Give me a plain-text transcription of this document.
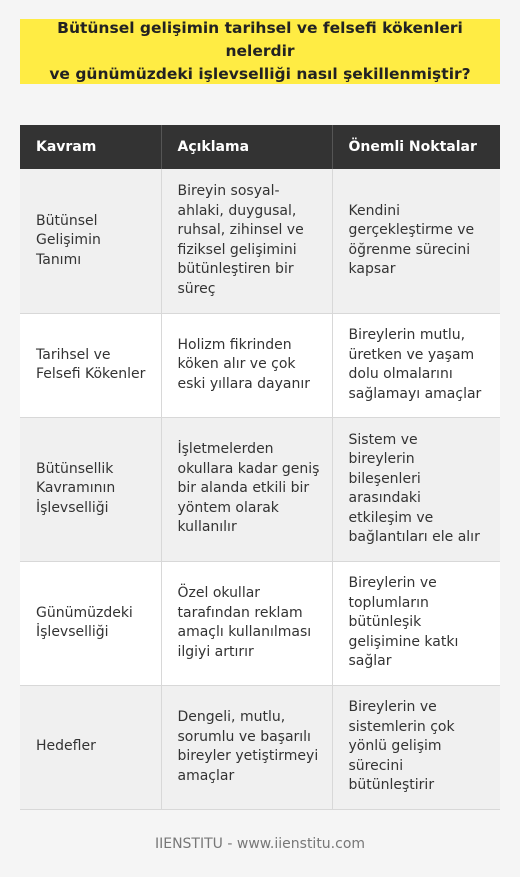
Bütünsel gelişimin tarihsel ve felsefi kökenleri nelerdir
ve günümüzdeki işlevselliği nasıl şekillenmiştir?
Kavram	Açıklama	Önemli Noktalar
Bütünsel Gelişimin Tanımı	Bireyin sosyal-ahlaki, duygusal, ruhsal, zihinsel ve fiziksel gelişimini bütünleştiren bir süreç	Kendini gerçekleştirme ve öğrenme sürecini kapsar
Tarihsel ve Felsefi Kökenler	Holizm fikrinden köken alır ve çok eski yıllara dayanır	Bireylerin mutlu, üretken ve yaşam dolu olmalarını sağlamayı amaçlar
Bütünsellik Kavramının İşlevselliği	İşletmelerden okullara kadar geniş bir alanda etkili bir yöntem olarak kullanılır	Sistem ve bireylerin bileşenleri arasındaki etkileşim ve bağlantıları ele alır
Günümüzdeki İşlevselliği	Özel okullar tarafından reklam amaçlı kullanılması ilgiyi artırır	Bireylerin ve toplumların bütünleşik gelişimine katkı sağlar
Hedefler	Dengeli, mutlu, sorumlu ve başarılı bireyler yetiştirmeyi amaçlar	Bireylerin ve sistemlerin çok yönlü gelişim sürecini bütünleştirir
IIENSTITU - www.iienstitu.com
